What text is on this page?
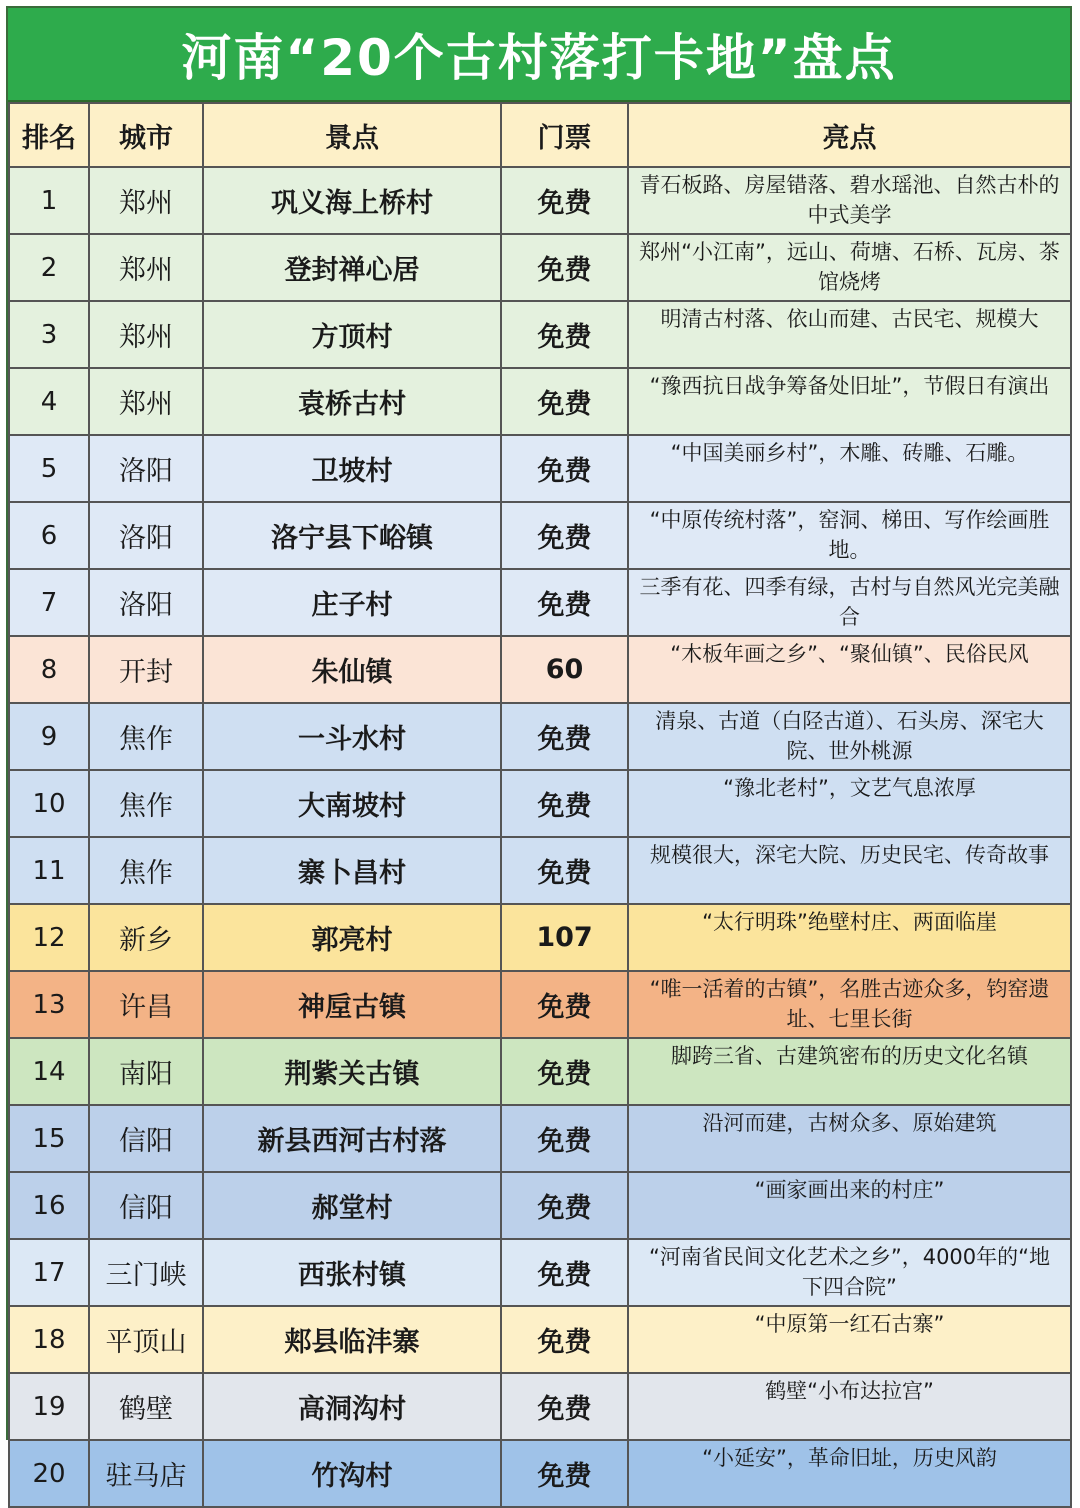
河南“20个古村落打卡地”盘点
排名	城市	景点	门票	亮点
1	郑州	巩义海上桥村	免费	青石板路、房屋错落、碧水瑶池、自然古朴的中式美学
2	郑州	登封禅心居	免费	郑州“小江南”，远山、荷塘、石桥、瓦房、茶馆烧烤
3	郑州	方顶村	免费	明清古村落、依山而建、古民宅、规模大
4	郑州	袁桥古村	免费	“豫西抗日战争筹备处旧址”，节假日有演出
5	洛阳	卫坡村	免费	“中国美丽乡村”，木雕、砖雕、石雕。
6	洛阳	洛宁县下峪镇	免费	“中原传统村落”，窑洞、梯田、写作绘画胜地。
7	洛阳	庄子村	免费	三季有花、四季有绿，古村与自然风光完美融合
8	开封	朱仙镇	60	“木板年画之乡”、“聚仙镇”、民俗民风
9	焦作	一斗水村	免费	清泉、古道（白陉古道）、石头房、深宅大院、世外桃源
10	焦作	大南坡村	免费	“豫北老村”，文艺气息浓厚
11	焦作	寨卜昌村	免费	规模很大，深宅大院、历史民宅、传奇故事
12	新乡	郭亮村	107	“太行明珠”绝壁村庄、两面临崖
13	许昌	神垕古镇	免费	“唯一活着的古镇”，名胜古迹众多，钧窑遗址、七里长街
14	南阳	荆紫关古镇	免费	脚跨三省、古建筑密布的历史文化名镇
15	信阳	新县西河古村落	免费	沿河而建，古树众多、原始建筑
16	信阳	郝堂村	免费	“画家画出来的村庄”
17	三门峡	西张村镇	免费	“河南省民间文化艺术之乡”，4000年的“地下四合院”
18	平顶山	郏县临沣寨	免费	“中原第一红石古寨”
19	鹤壁	高洞沟村	免费	鹤壁“小布达拉宫”
20	驻马店	竹沟村	免费	“小延安”，革命旧址，历史风韵
